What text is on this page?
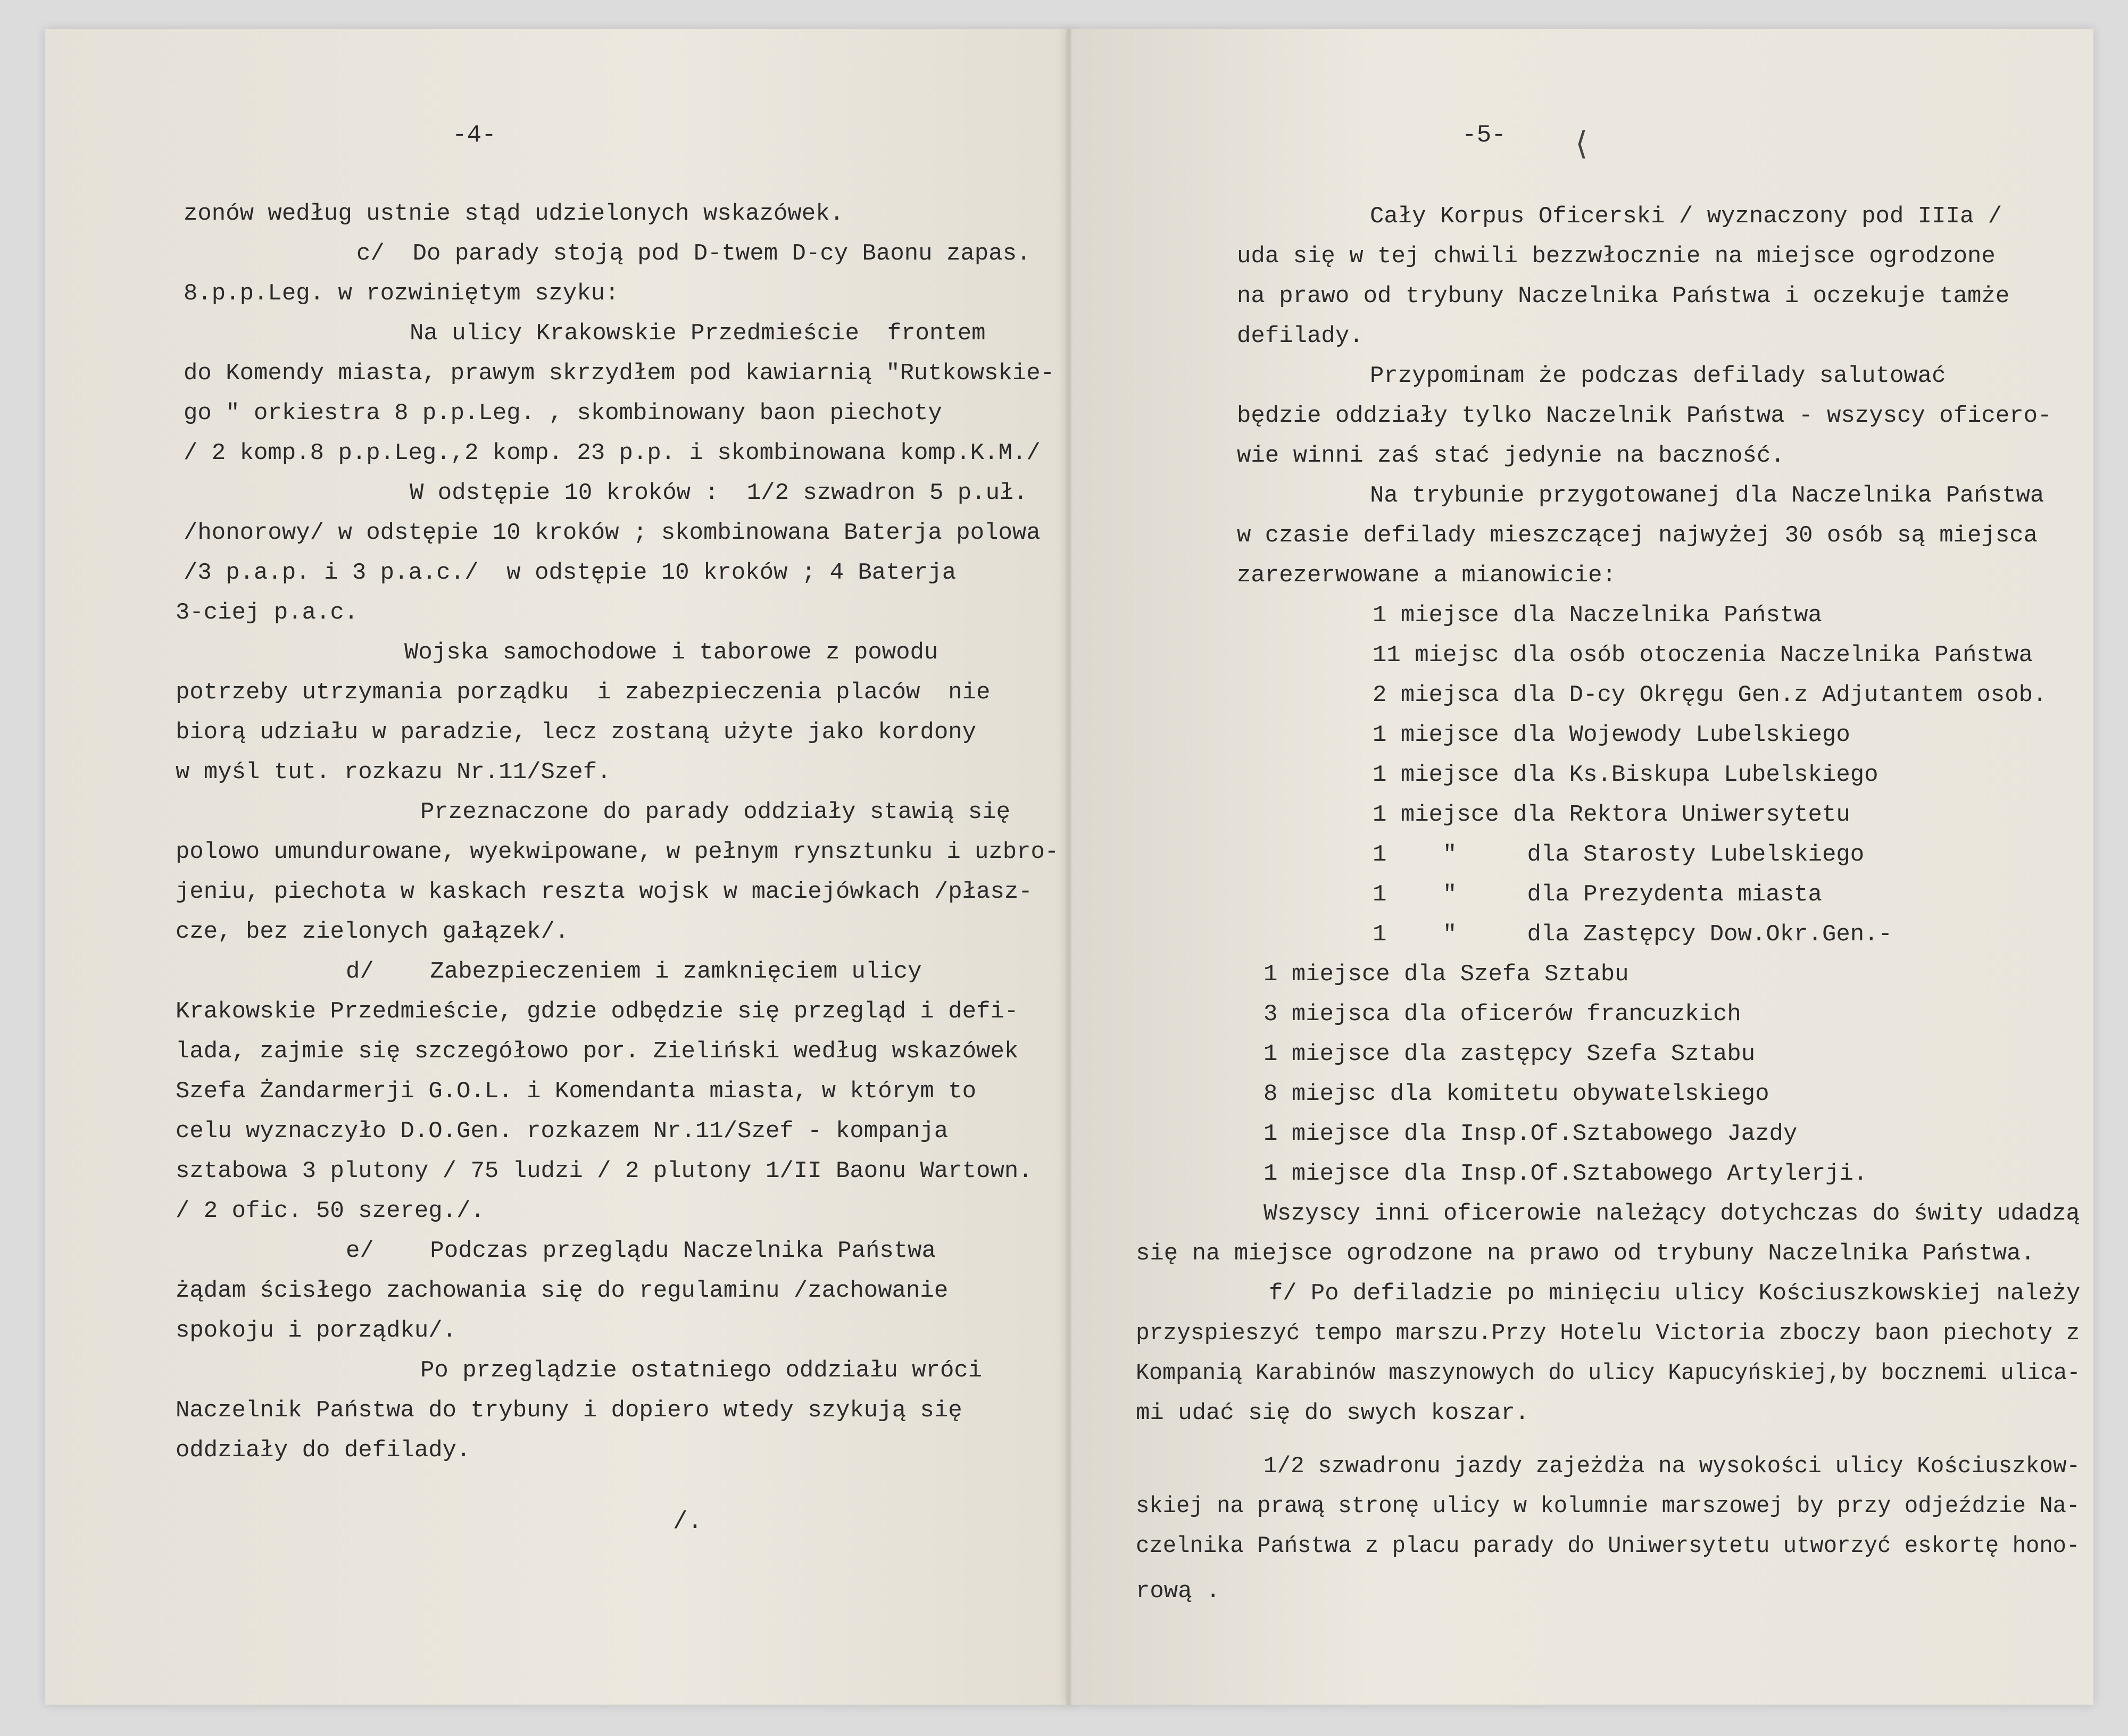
-4-
zonów według ustnie stąd udzielonych wskazówek.
c/  Do parady stoją pod D-twem D-cy Baonu zapas.
8.p.p.Leg. w rozwiniętym szyku:
Na ulicy Krakowskie Przedmieście  frontem
do Komendy miasta, prawym skrzydłem pod kawiarnią "Rutkowskie-
go " orkiestra 8 p.p.Leg. , skombinowany baon piechoty
/ 2 komp.8 p.p.Leg.,2 komp. 23 p.p. i skombinowana komp.K.M./
W odstępie 10 kroków :  1/2 szwadron 5 p.uł.
/honorowy/ w odstępie 10 kroków ; skombinowana Baterja polowa
/3 p.a.p. i 3 p.a.c./  w odstępie 10 kroków ; 4 Baterja
3-ciej p.a.c.
Wojska samochodowe i taborowe z powodu
potrzeby utrzymania porządku  i zabezpieczenia placów  nie
biorą udziału w paradzie, lecz zostaną użyte jako kordony
w myśl tut. rozkazu Nr.11/Szef.
Przeznaczone do parady oddziały stawią się
polowo umundurowane, wyekwipowane, w pełnym rynsztunku i uzbro-
jeniu, piechota w kaskach reszta wojsk w maciejówkach /płasz-
cze, bez zielonych gałązek/.
d/    Zabezpieczeniem i zamknięciem ulicy
Krakowskie Przedmieście, gdzie odbędzie się przegląd i defi-
lada, zajmie się szczegółowo por. Zieliński według wskazówek
Szefa Żandarmerji G.O.L. i Komendanta miasta, w którym to
celu wyznaczyło D.O.Gen. rozkazem Nr.11/Szef - kompanja
sztabowa 3 plutony / 75 ludzi / 2 plutony 1/II Baonu Wartown.
/ 2 ofic. 50 szereg./.
e/    Podczas przeglądu Naczelnika Państwa
żądam ścisłego zachowania się do regulaminu /zachowanie
spokoju i porządku/.
Po przeglądzie ostatniego oddziału wróci
Naczelnik Państwa do trybuny i dopiero wtedy szykują się
oddziały do defilady.
/.
-5- ⟨
Cały Korpus Oficerski / wyznaczony pod IIIa /
uda się w tej chwili bezzwłocznie na miejsce ogrodzone
na prawo od trybuny Naczelnika Państwa i oczekuje tamże
defilady.
Przypominam że podczas defilady salutować
będzie oddziały tylko Naczelnik Państwa - wszyscy oficero-
wie winni zaś stać jedynie na baczność.
Na trybunie przygotowanej dla Naczelnika Państwa
w czasie defilady mieszczącej najwyżej 30 osób są miejsca
zarezerwowane a mianowicie:
1 miejsce dla Naczelnika Państwa
11 miejsc dla osób otoczenia Naczelnika Państwa
2 miejsca dla D-cy Okręgu Gen.z Adjutantem osob.
1 miejsce dla Wojewody Lubelskiego
1 miejsce dla Ks.Biskupa Lubelskiego
1 miejsce dla Rektora Uniwersytetu
1    "     dla Starosty Lubelskiego
1    "     dla Prezydenta miasta
1    "     dla Zastępcy Dow.Okr.Gen.-
1 miejsce dla Szefa Sztabu
3 miejsca dla oficerów francuzkich
1 miejsce dla zastępcy Szefa Sztabu
8 miejsc dla komitetu obywatelskiego
1 miejsce dla Insp.Of.Sztabowego Jazdy
1 miejsce dla Insp.Of.Sztabowego Artylerji.
Wszyscy inni oficerowie należący dotychczas do świty udadzą
się na miejsce ogrodzone na prawo od trybuny Naczelnika Państwa.
f/ Po defiladzie po minięciu ulicy Kościuszkowskiej należy
przyspieszyć tempo marszu.Przy Hotelu Victoria zboczy baon piechoty z
Kompanią Karabinów maszynowych do ulicy Kapucyńskiej,by bocznemi ulica-
mi udać się do swych koszar.
1/2 szwadronu jazdy zajeżdża na wysokości ulicy Kościuszkow-
skiej na prawą stronę ulicy w kolumnie marszowej by przy odjeździe Na-
czelnika Państwa z placu parady do Uniwersytetu utworzyć eskortę hono-
rową .
